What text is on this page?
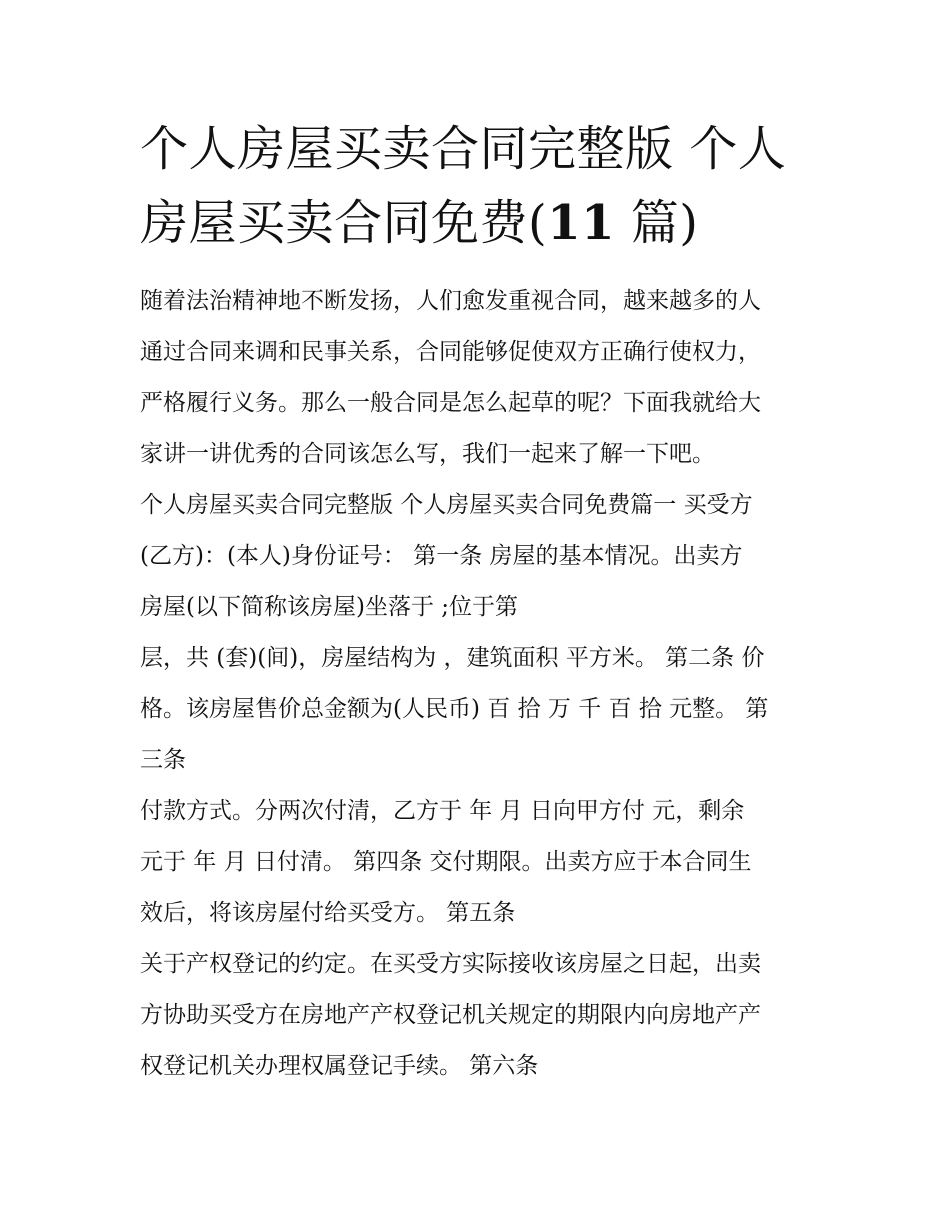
个人房屋买卖合同完整版 个人
房屋买卖合同免费(11 篇)
随着法治精神地不断发扬，人们愈发重视合同，越来越多的人
通过合同来调和民事关系，合同能够促使双方正确行使权力，
严格履行义务。那么一般合同是怎么起草的呢？下面我就给大
家讲一讲优秀的合同该怎么写，我们一起来了解一下吧。
个人房屋买卖合同完整版 个人房屋买卖合同免费篇一 买受方
(乙方)：(本人)身份证号： 第一条 房屋的基本情况。出卖方
房屋(以下简称该房屋)坐落于 ;位于第
层，共 (套)(间)，房屋结构为 ，建筑面积 平方米。 第二条 价
格。该房屋售价总金额为(人民币) 百 拾 万 千 百 拾 元整。 第
三条
付款方式。分两次付清，乙方于 年 月 日向甲方付 元，剩余
元于 年 月 日付清。 第四条 交付期限。出卖方应于本合同生
效后，将该房屋付给买受方。 第五条
关于产权登记的约定。在买受方实际接收该房屋之日起，出卖
方协助买受方在房地产产权登记机关规定的期限内向房地产产
权登记机关办理权属登记手续。 第六条
